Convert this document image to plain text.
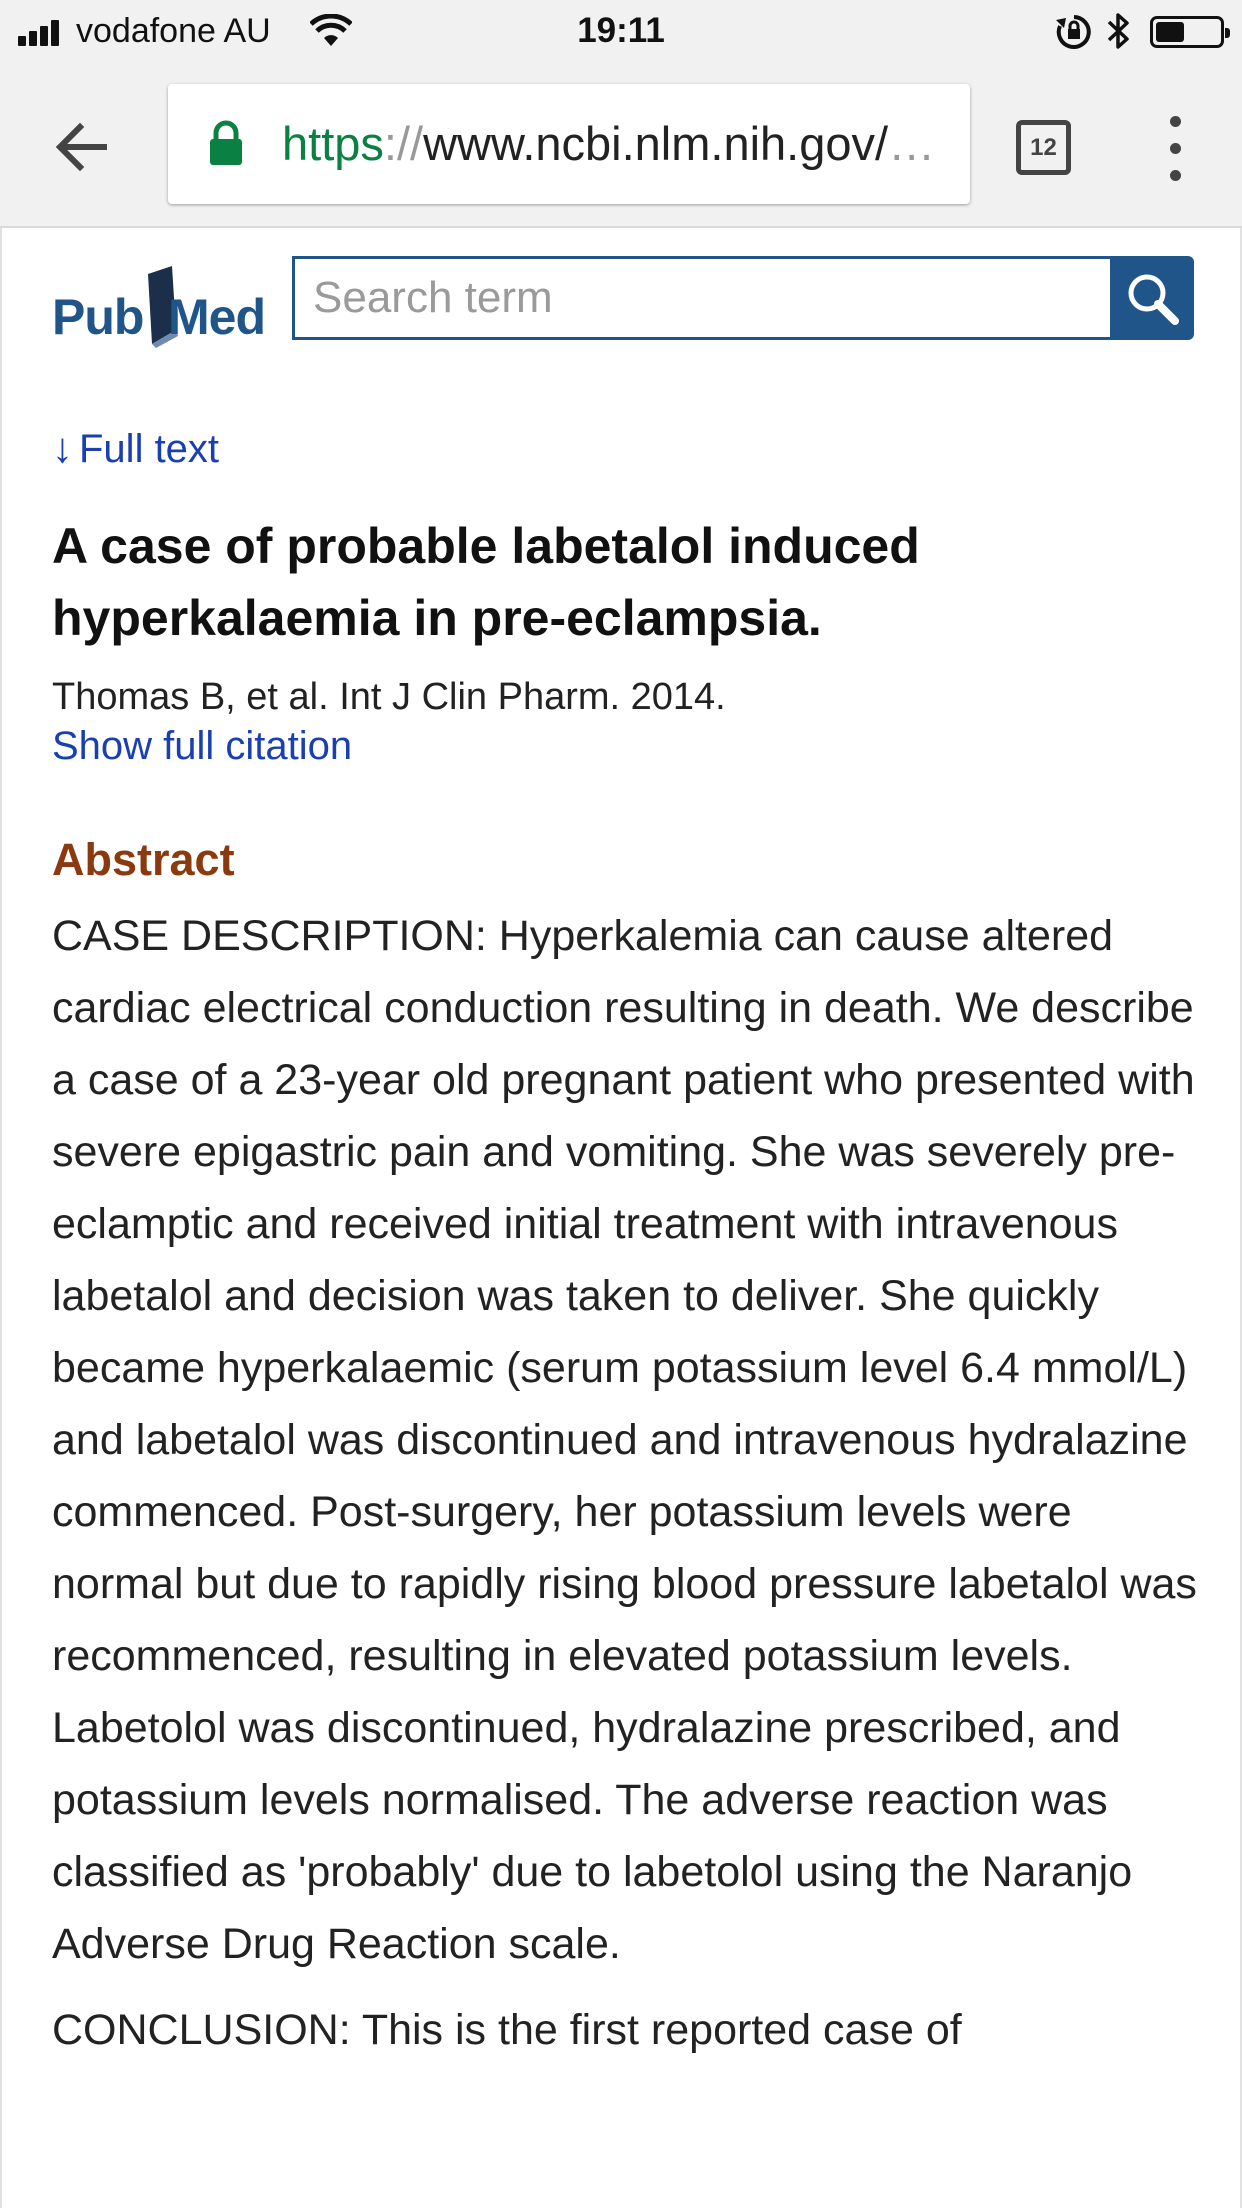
vodafone AU	19:11
https://www.ncbi.nlm.nih.gov/…	12
Pub Med
Search term
↓ Full text
A case of probable labetalol induced
hyperkalaemia in pre-eclampsia.
Thomas B, et al. Int J Clin Pharm. 2014.
Show full citation
Abstract

CASE DESCRIPTION: Hyperkalemia can cause altered cardiac electrical conduction resulting in death. We describe a case of a 23-year old pregnant patient who presented with severe epigastric pain and vomiting. She was severely pre- eclamptic and received initial treatment with intravenous labetalol and decision was taken to deliver. She quickly became hyperkalaemic (serum potassium level 6.4 mmol/L) and labetalol was discontinued and intravenous hydralazine commenced. Post-surgery, her potassium levels were normal but due to rapidly rising blood pressure labetalol was recommenced, resulting in elevated potassium levels. Labetolol was discontinued, hydralazine prescribed, and potassium levels normalised. The adverse reaction was classified as 'probably' due to labetolol using the Naranjo Adverse Drug Reaction scale.

CONCLUSION: This is the first reported case of
